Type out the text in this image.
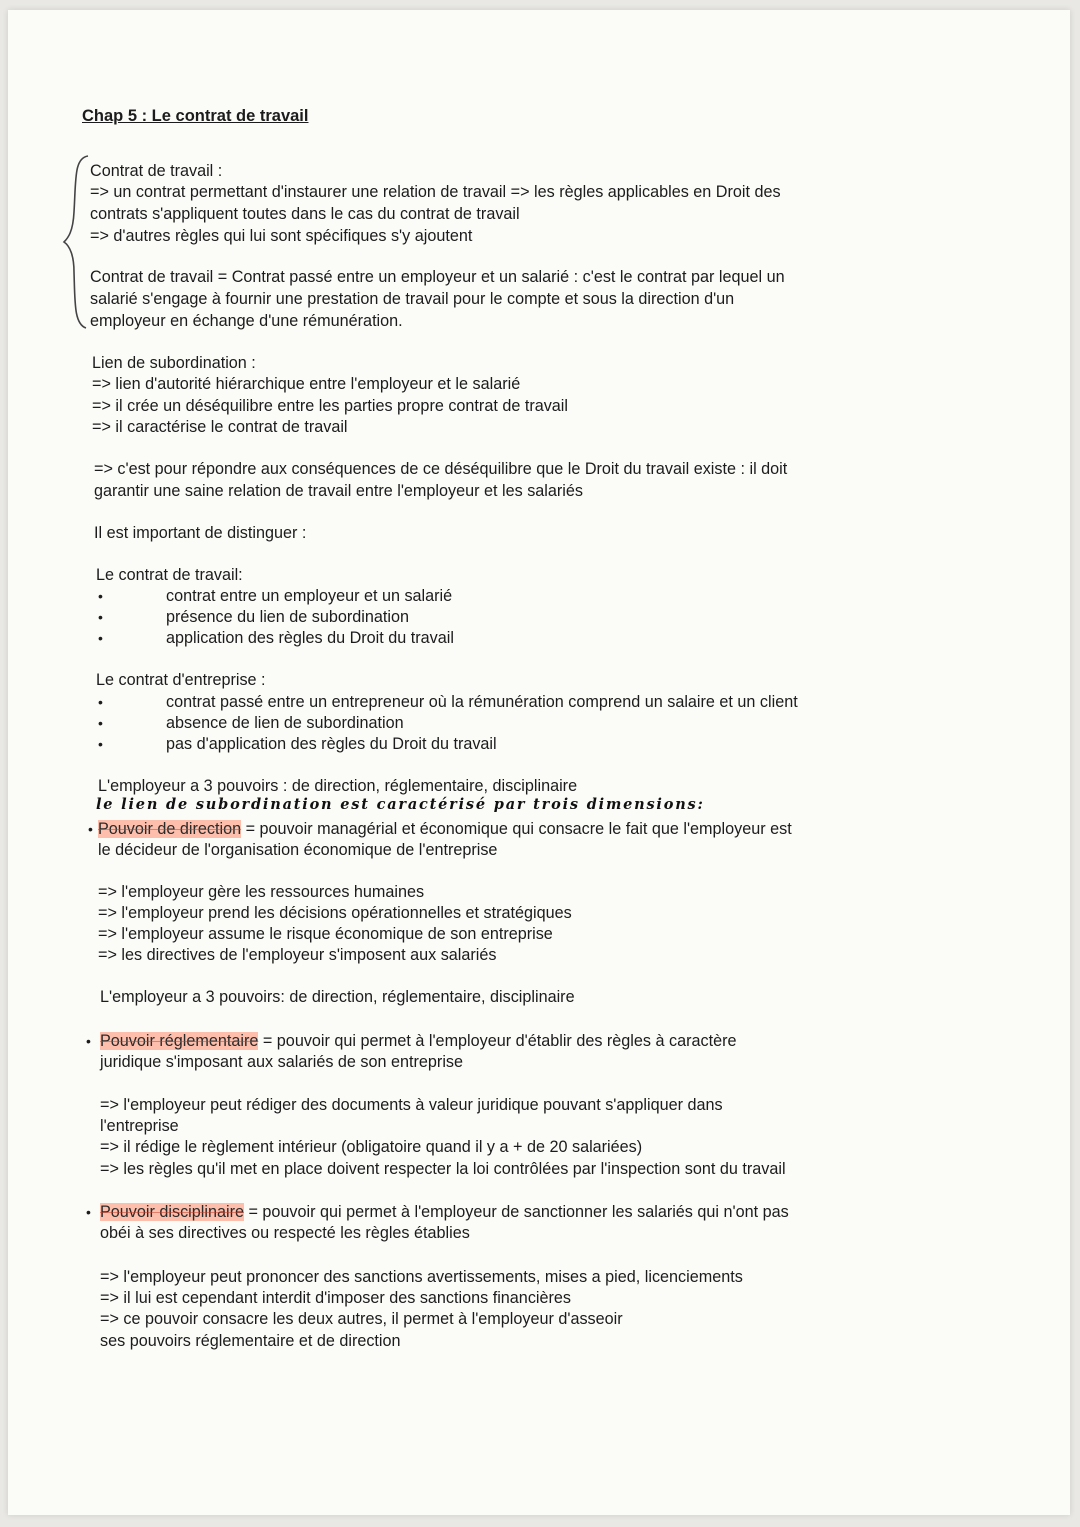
Chap 5 : Le contrat de travail
Contrat de travail :
=> un contrat permettant d'instaurer une relation de travail => les règles applicables en Droit des
contrats s'appliquent toutes dans le cas du contrat de travail
=> d'autres règles qui lui sont spécifiques s'y ajoutent
Contrat de travail = Contrat passé entre un employeur et un salarié : c'est le contrat par lequel un
salarié s'engage à fournir une prestation de travail pour le compte et sous la direction d'un
employeur en échange d'une rémunération.
Lien de subordination :
=> lien d'autorité hiérarchique entre l'employeur et le salarié
=> il crée un déséquilibre entre les parties propre contrat de travail
=> il caractérise le contrat de travail
=> c'est pour répondre aux conséquences de ce déséquilibre que le Droit du travail existe : il doit
garantir une saine relation de travail entre l'employeur et les salariés
Il est important de distinguer :
Le contrat de travail:
•	contrat entre un employeur et un salarié
•	présence du lien de subordination
•	application des règles du Droit du travail
Le contrat d'entreprise :
•	contrat passé entre un entrepreneur où la rémunération comprend un salaire et un client
•	absence de lien de subordination
•	pas d'application des règles du Droit du travail
L'employeur a 3 pouvoirs : de direction, réglementaire, disciplinaire
le lien de subordination est caractérisé par trois dimensions:
• Pouvoir de direction = pouvoir managérial et économique qui consacre le fait que l'employeur est
le décideur de l'organisation économique de l'entreprise
=> l'employeur gère les ressources humaines
=> l'employeur prend les décisions opérationnelles et stratégiques
=> l'employeur assume le risque économique de son entreprise
=> les directives de l'employeur s'imposent aux salariés
L'employeur a 3 pouvoirs: de direction, réglementaire, disciplinaire
• Pouvoir réglementaire = pouvoir qui permet à l'employeur d'établir des règles à caractère
juridique s'imposant aux salariés de son entreprise
=> l'employeur peut rédiger des documents à valeur juridique pouvant s'appliquer dans
l'entreprise
=> il rédige le règlement intérieur (obligatoire quand il y a + de 20 salariées)
=> les règles qu'il met en place doivent respecter la loi contrôlées par l'inspection sont du travail
• Pouvoir disciplinaire = pouvoir qui permet à l'employeur de sanctionner les salariés qui n'ont pas
obéi à ses directives ou respecté les règles établies
=> l'employeur peut prononcer des sanctions avertissements, mises a pied, licenciements
=> il lui est cependant interdit d'imposer des sanctions financières
=> ce pouvoir consacre les deux autres, il permet à l'employeur d'asseoir
ses pouvoirs réglementaire et de direction
